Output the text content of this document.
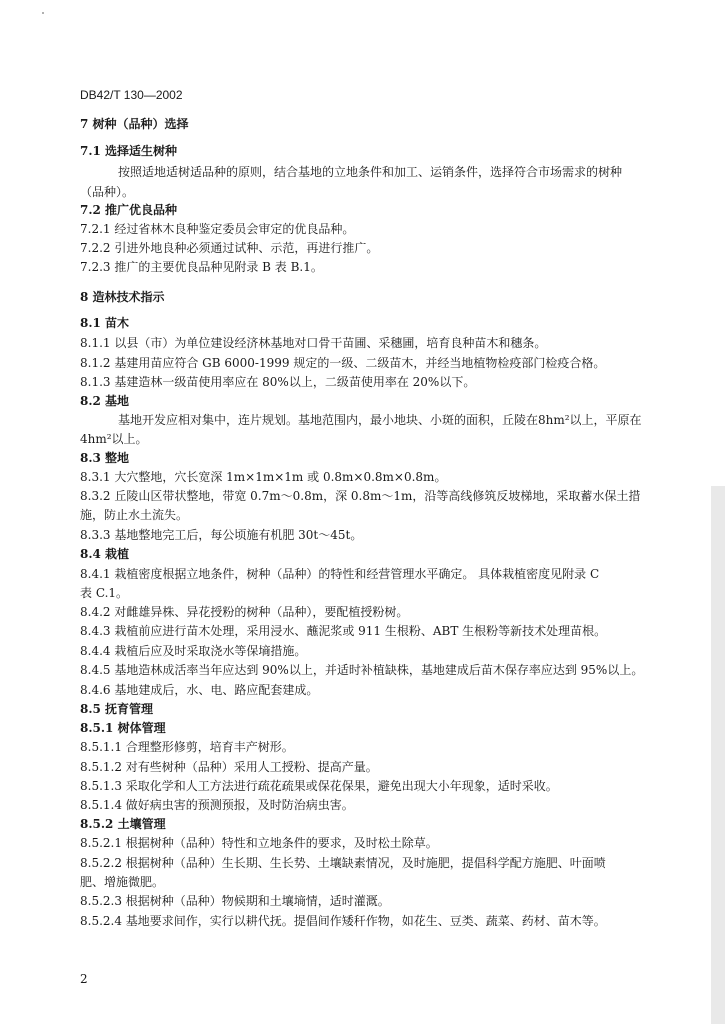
DB42/T 130—2002
7 树种（品种）选择
7.1 选择适生树种
按照适地适树适品种的原则，结合基地的立地条件和加工、运销条件，选择符合市场需求的树种
（品种）。
7.2 推广优良品种
7.2.1 经过省林木良种鉴定委员会审定的优良品种。
7.2.2 引进外地良种必须通过试种、示范，再进行推广。
7.2.3 推广的主要优良品种见附录 B 表 B.1。
8 造林技术指示
8.1 苗木
8.1.1 以县（市）为单位建设经济林基地对口骨干苗圃、采穗圃，培育良种苗木和穗条。
8.1.2 基建用苗应符合 GB 6000-1999 规定的一级、二级苗木，并经当地植物检疫部门检疫合格。
8.1.3 基建造林一级苗使用率应在 80%以上，二级苗使用率在 20%以下。
8.2 基地
基地开发应相对集中，连片规划。基地范围内，最小地块、小斑的面积，丘陵在8hm²以上，平原在
4hm²以上。
8.3 整地
8.3.1 大穴整地，穴长宽深 1m×1m×1m 或 0.8m×0.8m×0.8m。
8.3.2 丘陵山区带状整地，带宽 0.7m～0.8m，深 0.8m～1m，沿等高线修筑反坡梯地，采取蓄水保土措
施，防止水土流失。
8.3.3 基地整地完工后，每公顷施有机肥 30t～45t。
8.4 栽植
8.4.1 栽植密度根据立地条件，树种（品种）的特性和经营管理水平确定。 具体栽植密度见附录 C
表 C.1。
8.4.2 对雌雄异株、异花授粉的树种（品种），要配植授粉树。
8.4.3 栽植前应进行苗木处理，采用浸水、蘸泥浆或 911 生根粉、ABT 生根粉等新技术处理苗根。
8.4.4 栽植后应及时采取浇水等保墒措施。
8.4.5 基地造林成活率当年应达到 90%以上，并适时补植缺株，基地建成后苗木保存率应达到 95%以上。
8.4.6 基地建成后，水、电、路应配套建成。
8.5 抚育管理
8.5.1 树体管理
8.5.1.1 合理整形修剪，培育丰产树形。
8.5.1.2 对有些树种（品种）采用人工授粉、提高产量。
8.5.1.3 采取化学和人工方法进行疏花疏果或保花保果，避免出现大小年现象，适时采收。
8.5.1.4 做好病虫害的预测预报，及时防治病虫害。
8.5.2 土壤管理
8.5.2.1 根据树种（品种）特性和立地条件的要求，及时松土除草。
8.5.2.2 根据树种（品种）生长期、生长势、土壤缺素情况，及时施肥，提倡科学配方施肥、叶面喷
肥、增施微肥。
8.5.2.3 根据树种（品种）物候期和土壤墒情，适时灌溉。
8.5.2.4 基地要求间作，实行以耕代抚。提倡间作矮秆作物，如花生、豆类、蔬菜、药材、苗木等。
2
